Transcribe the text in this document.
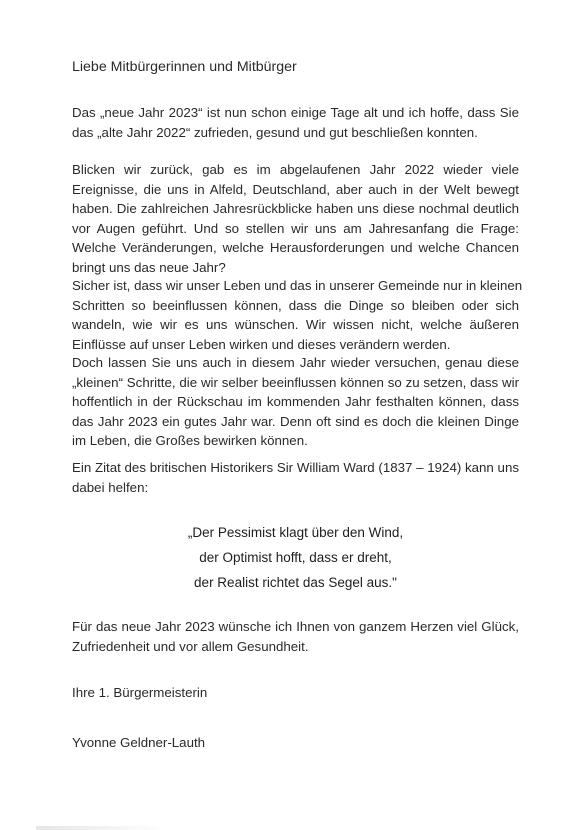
Liebe Mitbürgerinnen und Mitbürger
Das „neue Jahr 2023“ ist nun schon einige Tage alt und ich hoffe, dass Sie
das „alte Jahr 2022“ zufrieden, gesund und gut beschließen konnten.
Blicken wir zurück, gab es im abgelaufenen Jahr 2022 wieder viele
Ereignisse, die uns in Alfeld, Deutschland, aber auch in der Welt bewegt
haben. Die zahlreichen Jahresrückblicke haben uns diese nochmal deutlich
vor Augen geführt. Und so stellen wir uns am Jahresanfang die Frage:
Welche Veränderungen, welche Herausforderungen und welche Chancen
bringt uns das neue Jahr?
Sicher ist, dass wir unser Leben und das in unserer Gemeinde nur in kleinen
Schritten so beeinflussen können, dass die Dinge so bleiben oder sich
wandeln, wie wir es uns wünschen. Wir wissen nicht, welche äußeren
Einflüsse auf unser Leben wirken und dieses verändern werden.
Doch lassen Sie uns auch in diesem Jahr wieder versuchen, genau diese
„kleinen“ Schritte, die wir selber beeinflussen können so zu setzen, dass wir
hoffentlich in der Rückschau im kommenden Jahr festhalten können, dass
das Jahr 2023 ein gutes Jahr war. Denn oft sind es doch die kleinen Dinge
im Leben, die Großes bewirken können.
Ein Zitat des britischen Historikers Sir William Ward (1837 – 1924) kann uns
dabei helfen:
„Der Pessimist klagt über den Wind,
der Optimist hofft, dass er dreht,
der Realist richtet das Segel aus."
Für das neue Jahr 2023 wünsche ich Ihnen von ganzem Herzen viel Glück,
Zufriedenheit und vor allem Gesundheit.
Ihre 1. Bürgermeisterin
Yvonne Geldner-Lauth
